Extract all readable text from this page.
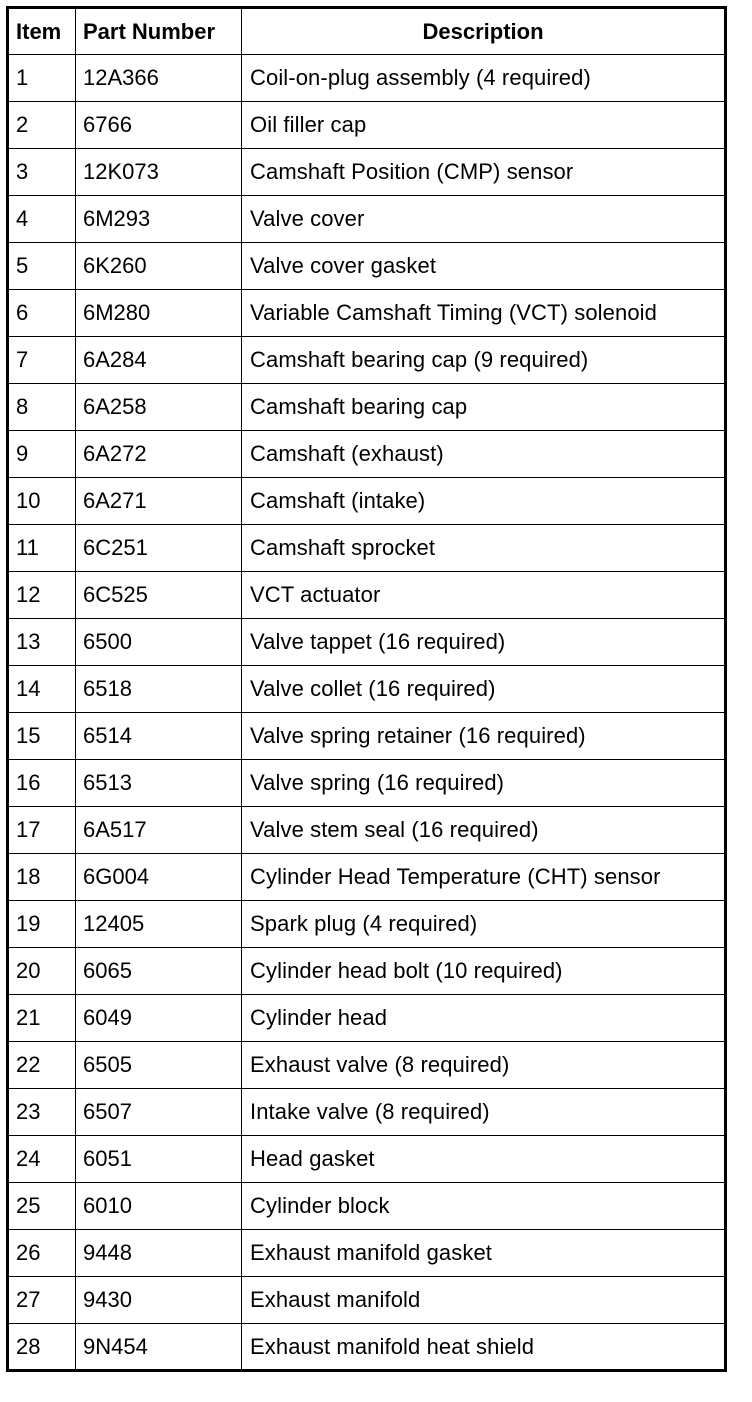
Item	Part Number	Description
1	12A366	Coil-on-plug assembly (4 required)
2	6766	Oil filler cap
3	12K073	Camshaft Position (CMP) sensor
4	6M293	Valve cover
5	6K260	Valve cover gasket
6	6M280	Variable Camshaft Timing (VCT) solenoid
7	6A284	Camshaft bearing cap (9 required)
8	6A258	Camshaft bearing cap
9	6A272	Camshaft (exhaust)
10	6A271	Camshaft (intake)
11	6C251	Camshaft sprocket
12	6C525	VCT actuator
13	6500	Valve tappet (16 required)
14	6518	Valve collet (16 required)
15	6514	Valve spring retainer (16 required)
16	6513	Valve spring (16 required)
17	6A517	Valve stem seal (16 required)
18	6G004	Cylinder Head Temperature (CHT) sensor
19	12405	Spark plug (4 required)
20	6065	Cylinder head bolt (10 required)
21	6049	Cylinder head
22	6505	Exhaust valve (8 required)
23	6507	Intake valve (8 required)
24	6051	Head gasket
25	6010	Cylinder block
26	9448	Exhaust manifold gasket
27	9430	Exhaust manifold
28	9N454	Exhaust manifold heat shield
